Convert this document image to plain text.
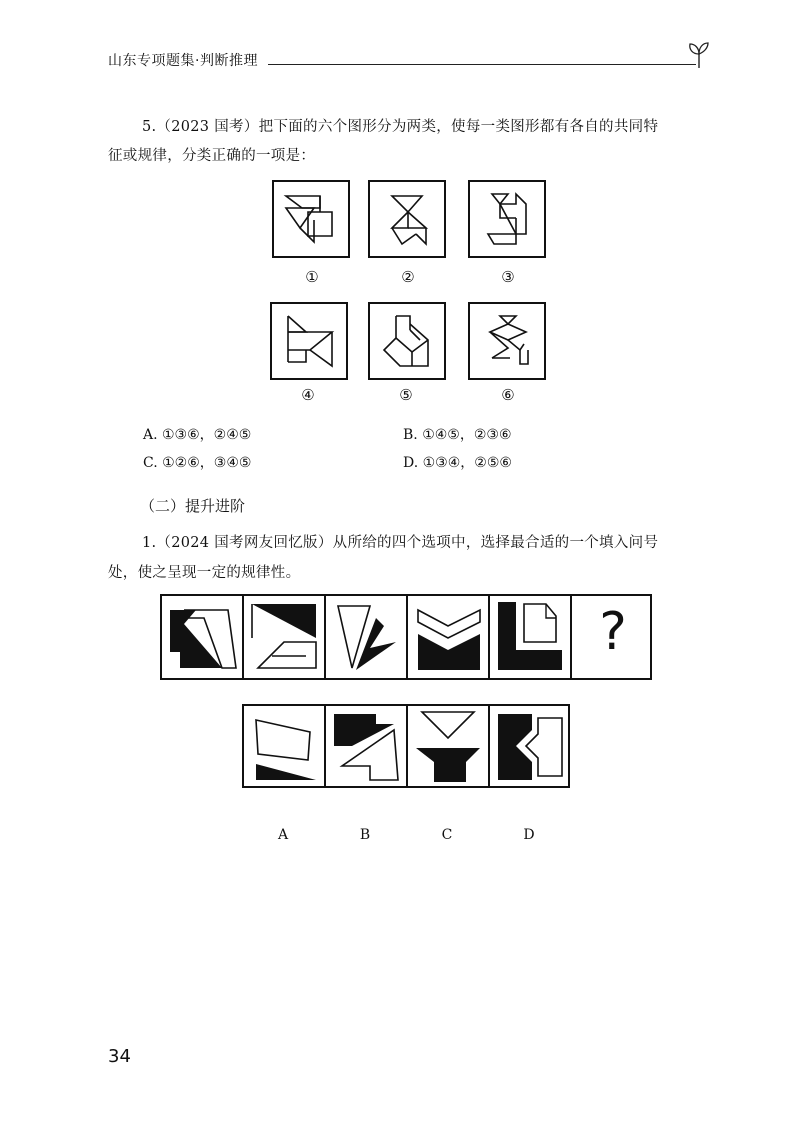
山东专项题集·判断推理
5.（2023 国考）把下面的六个图形分为两类，使每一类图形都有各自的共同特
征或规律，分类正确的一项是：
①	②	③
④	⑤	⑥
A. ①③⑥，②④⑤	B. ①④⑤，②③⑥
C. ①②⑥，③④⑤	D. ①③④，②⑤⑥
（二）提升进阶
1.（2024 国考网友回忆版）从所给的四个选项中，选择最合适的一个填入问号
处，使之呈现一定的规律性。
?
A	B	C	D
34
